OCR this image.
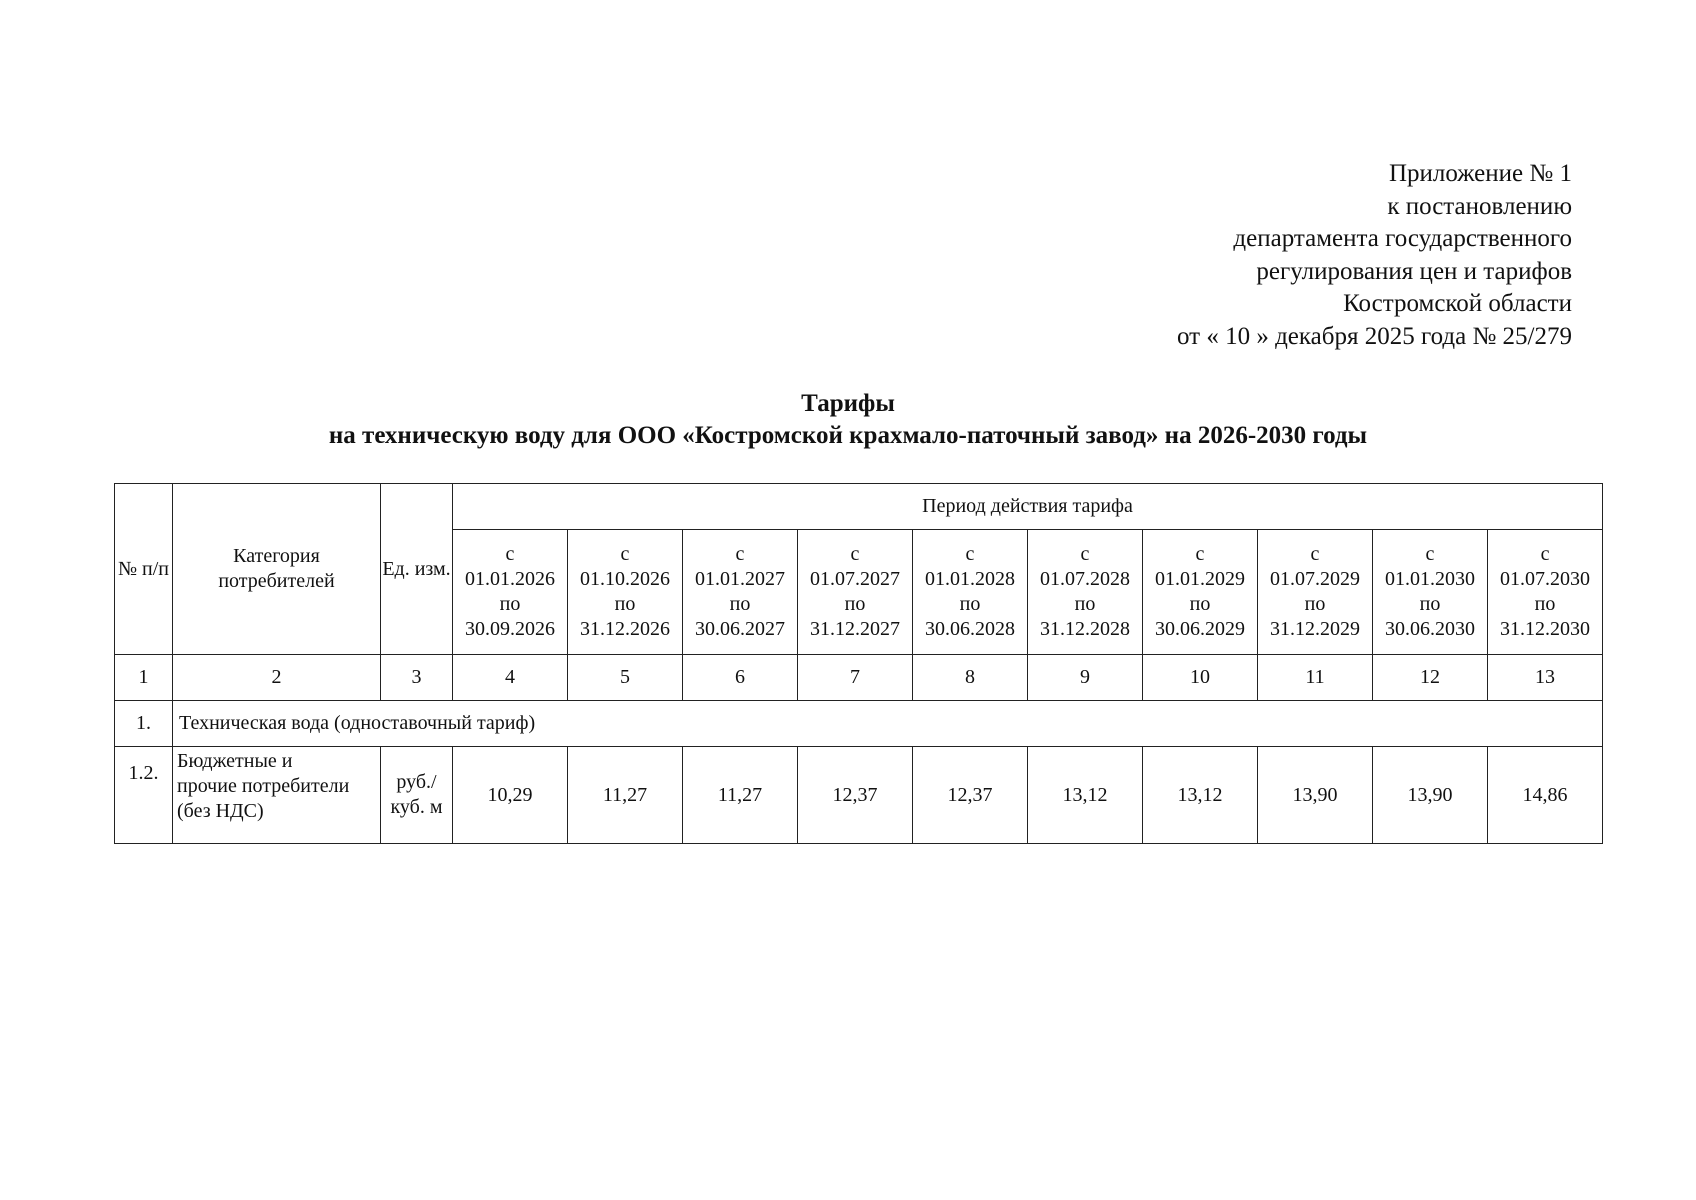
Приложение № 1
к постановлению
департамента государственного
регулирования цен и тарифов
Костромской области
от « 10 » декабря 2025 года № 25/279
Тарифы
на техническую воду для ООО «Костромской крахмало-паточный завод» на 2026-2030 годы
№ п/п	Категория потребителей	Ед. изм.	Период действия тарифа									

			с
01.01.2026
по
30.09.2026	с
01.10.2026
по
31.12.2026	с
01.01.2027
по
30.06.2027	с
01.07.2027
по
31.12.2027	с
01.01.2028
по
30.06.2028	с
01.07.2028
по
31.12.2028	с
01.01.2029
по
30.06.2029	с
01.07.2029
по
31.12.2029	с
01.01.2030
по
30.06.2030	с
01.07.2030
по
31.12.2030

1	2	3	4	5	6	7	8	9	10	11	12	13
1.	Техническая вода (одноставочный тариф)											
1.2.	Бюджетные и
прочие потребители
(без НДС)	руб./ куб. м	10,29	11,27	11,27	12,37	12,37	13,12	13,12	13,90	13,90	14,86
